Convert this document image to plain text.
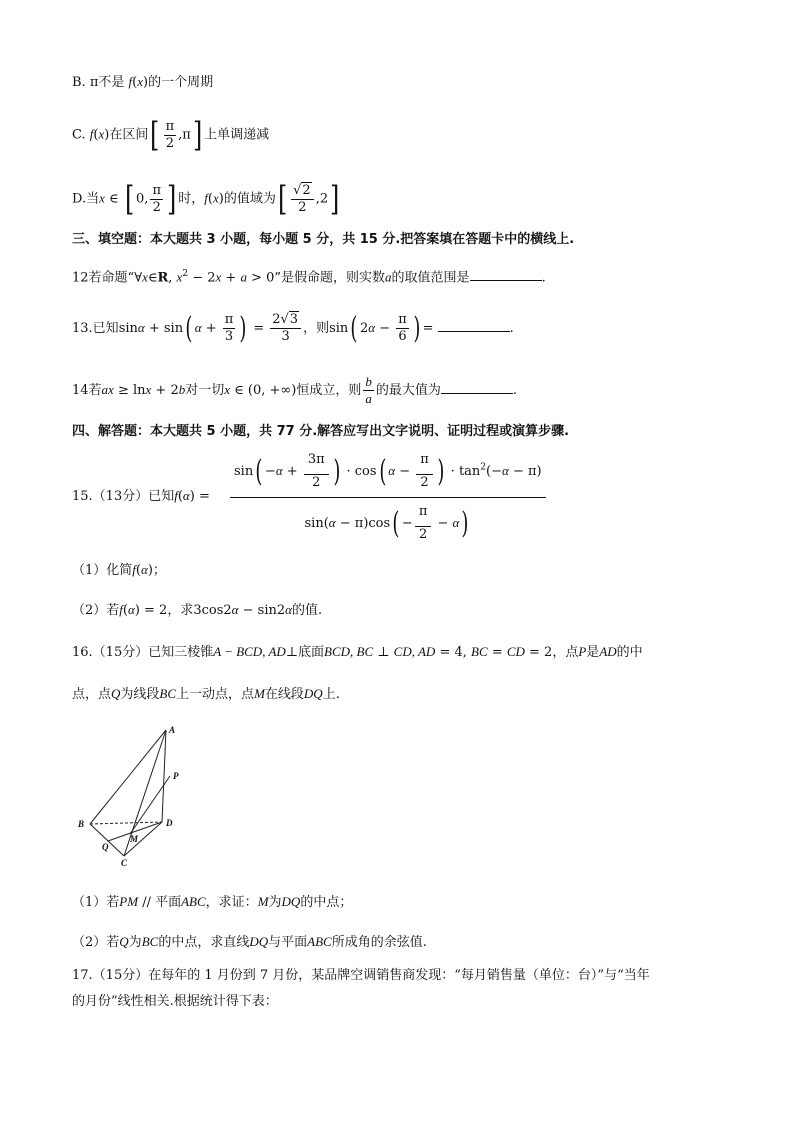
B. π不是 f(x)的一个周期
C. f(x)在区间[ $\frac{\pi}{2} ,\pi$] 上单调递减
D.当x ∈ [ 0, $\frac{\pi}{2}$ ] 时，f(x)的值域为[ $\frac{√2}{2} ,2$]
三、填空题：本大题共 3 小题，每小题 5 分，共 15 分.把答案填在答题卡中的横线上.
12若命题“∀x∈R, $x^2 - 2x + a > 0$”是假命题，则实数a的取值范围是	.
13.已知sinα + sin( $\alpha + \frac{\pi}{3}$ ) = $\frac{2√3}{3}$ ，则sin( $2\alpha - \frac{\pi}{6}$ ) =	.
14若ax ≥ lnx + 2b对一切x ∈ (0, +∞)恒成立，则 $\frac{b}{a}$ 的最大值为	.
四、解答题：本大题共 5 小题，共 77 分.解答应写出文字说明、证明过程或演算步骤.
15.（13分）已知$f(\alpha) = \frac{\sin( -\alpha + \frac{3\pi}{2} ) \cdot \cos( \alpha - \frac{\pi}{2} ) \cdot \tan^2(-\alpha - \pi)}{\sin(\alpha - \pi)\cos( - \frac{\pi}{2} - \alpha)}$
（1）化简f(α)；
（2）若f(α) = 2，求3cos2α − sin2α的值.
16.（15分）已知三棱锥A − BCD, AD⊥底面BCD, BC ⊥ CD, AD = 4, BC = CD = 2，点P是AD的中
点，点Q为线段BC上一动点，点M在线段DQ上.
A
P
B	D
M
Q
C
（1）若PM // 平面ABC，求证：M为DQ的中点；
（2）若Q为BC的中点，求直线DQ与平面ABC所成角的余弦值.
17.（15分）在每年的 1 月份到 7 月份，某品牌空调销售商发现：“每月销售量（单位：台）”与“当年
的月份”线性相关.根据统计得下表：
